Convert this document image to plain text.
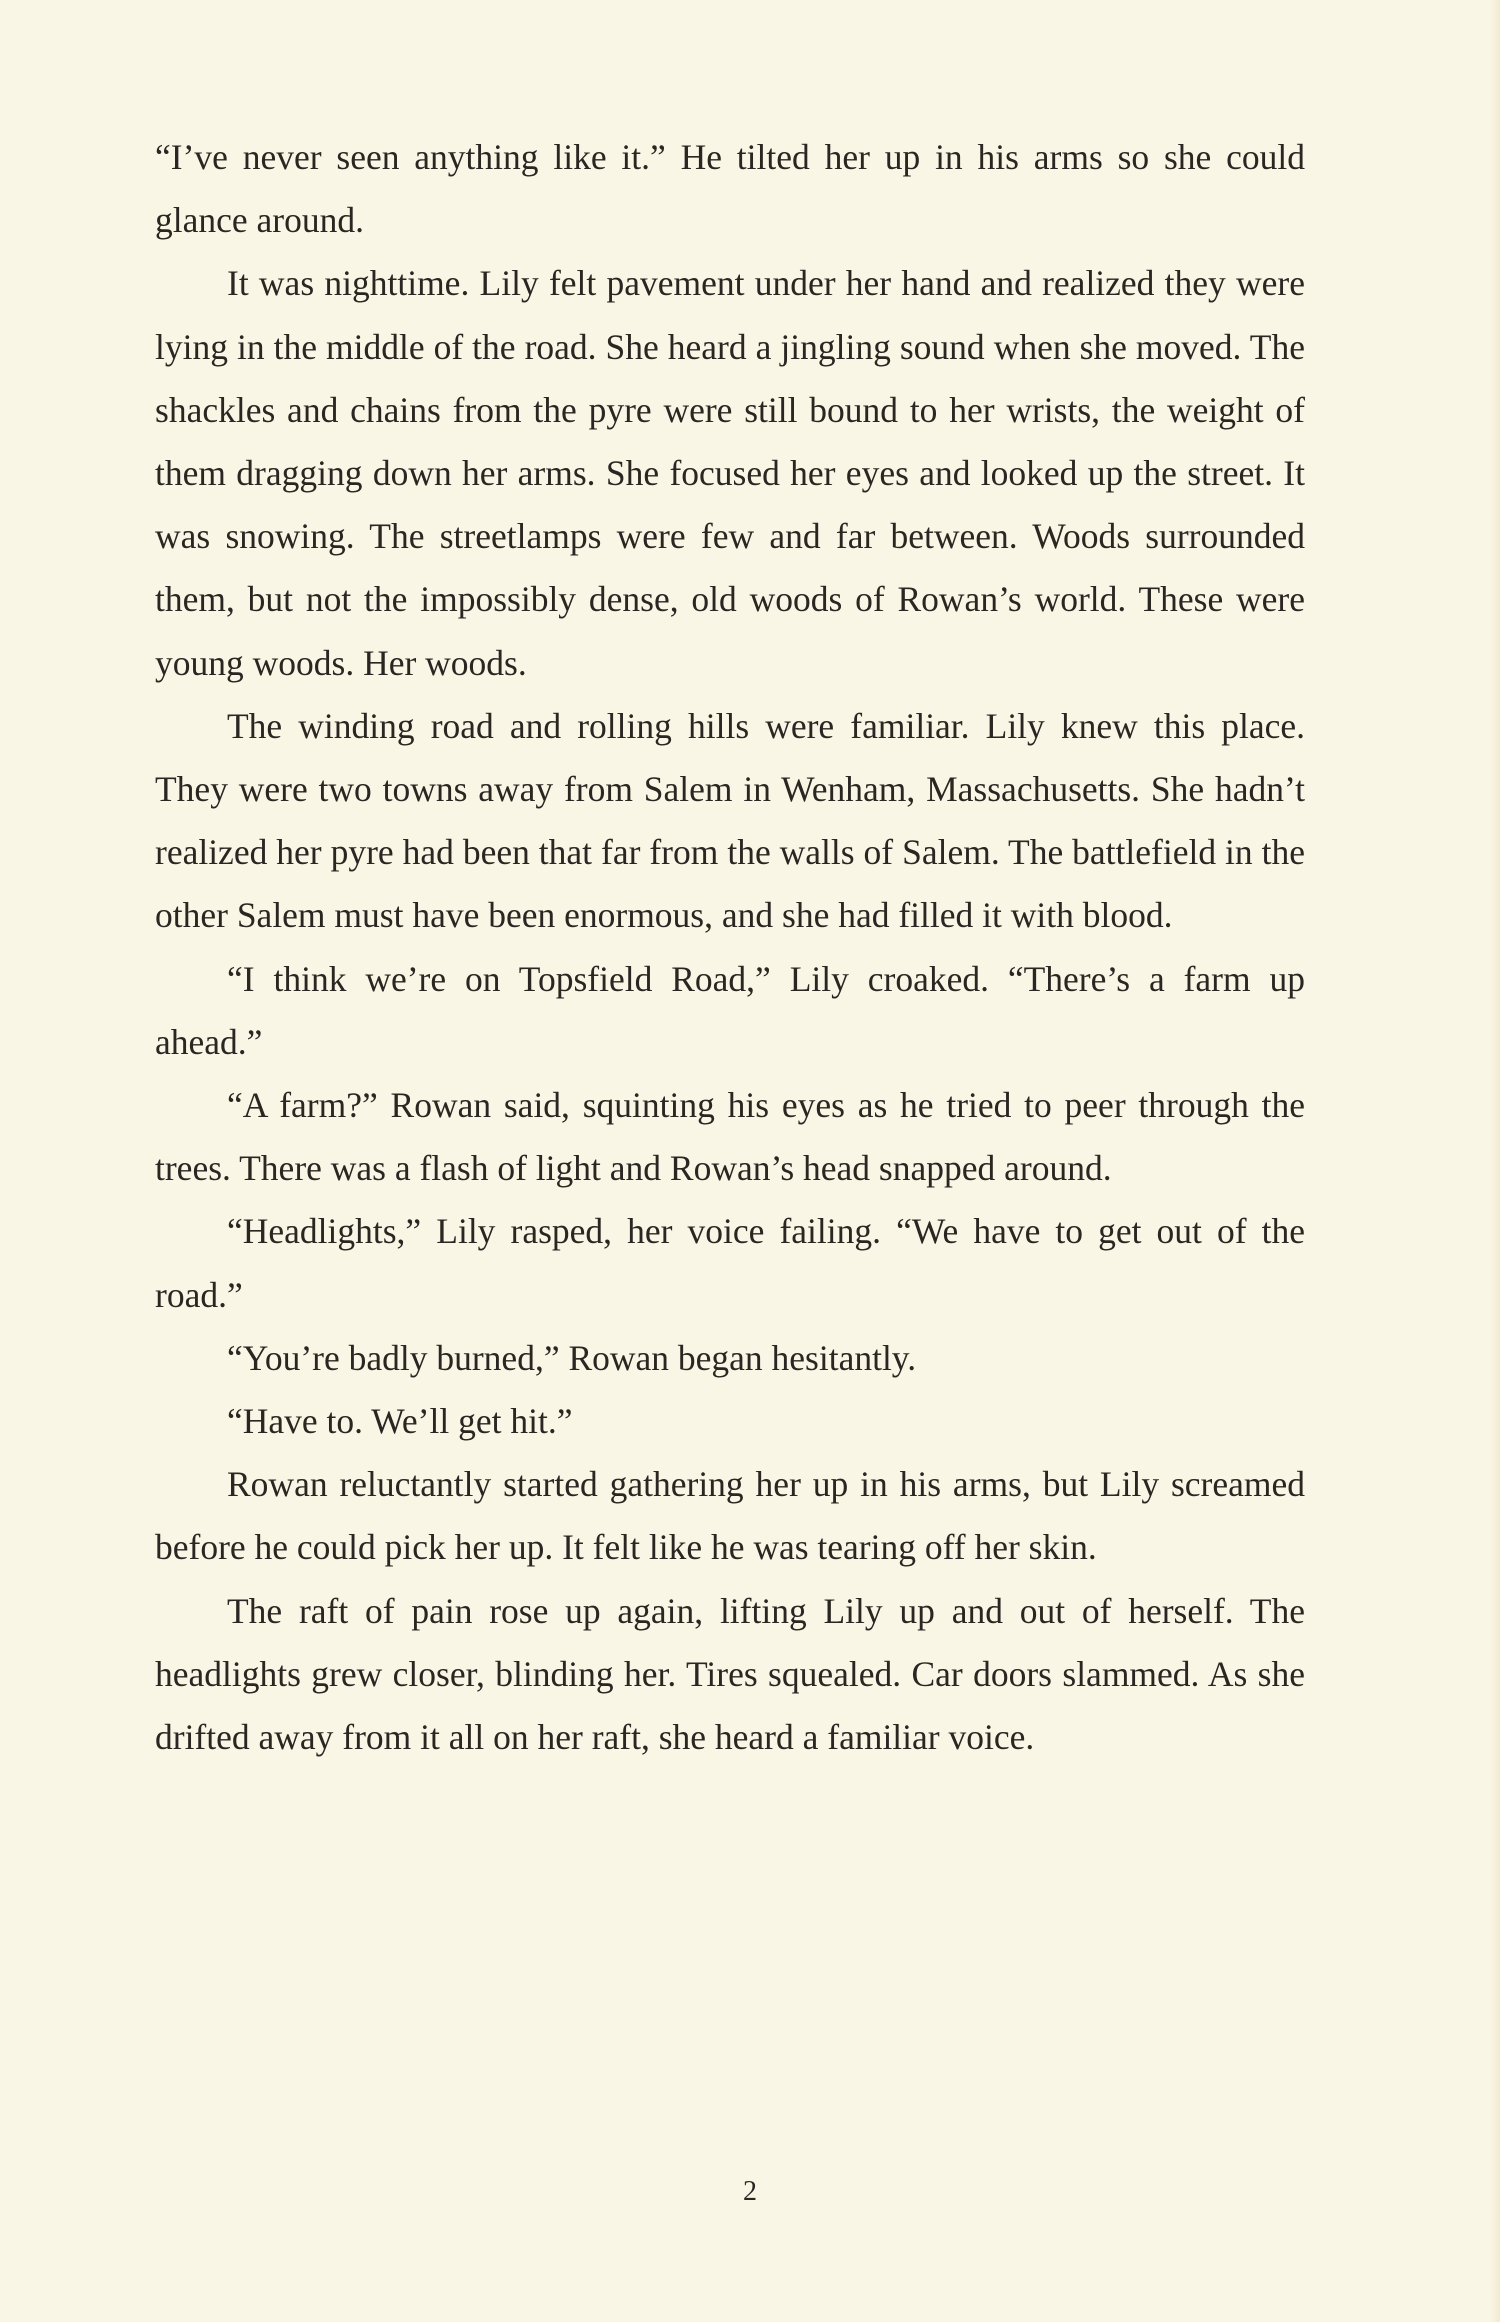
“I’ve never seen anything like it.” He tilted her up in his arms so she could glance around.

It was nighttime. Lily felt pavement under her hand and realized they were lying in the middle of the road. She heard a jingling sound when she moved. The shackles and chains from the pyre were still bound to her wrists, the weight of them dragging down her arms. She focused her eyes and looked up the street. It was snowing. The streetlamps were few and far between. Woods surrounded them, but not the impossibly dense, old woods of Rowan’s world. These were young woods. Her woods.

The winding road and rolling hills were familiar. Lily knew this place. They were two towns away from Salem in Wenham, Massachusetts. She hadn’t realized her pyre had been that far from the walls of Salem. The battlefield in the other Salem must have been enormous, and she had filled it with blood.

“I think we’re on Topsfield Road,” Lily croaked. “There’s a farm up ahead.”

“A farm?” Rowan said, squinting his eyes as he tried to peer through the trees. There was a flash of light and Rowan’s head snapped around.

“Headlights,” Lily rasped, her voice failing. “We have to get out of the road.”

“You’re badly burned,” Rowan began hesitantly.

“Have to. We’ll get hit.”

Rowan reluctantly started gathering her up in his arms, but Lily screamed before he could pick her up. It felt like he was tearing off her skin.

The raft of pain rose up again, lifting Lily up and out of herself. The headlights grew closer, blinding her. Tires squealed. Car doors slammed. As she drifted away from it all on her raft, she heard a familiar voice.

2
